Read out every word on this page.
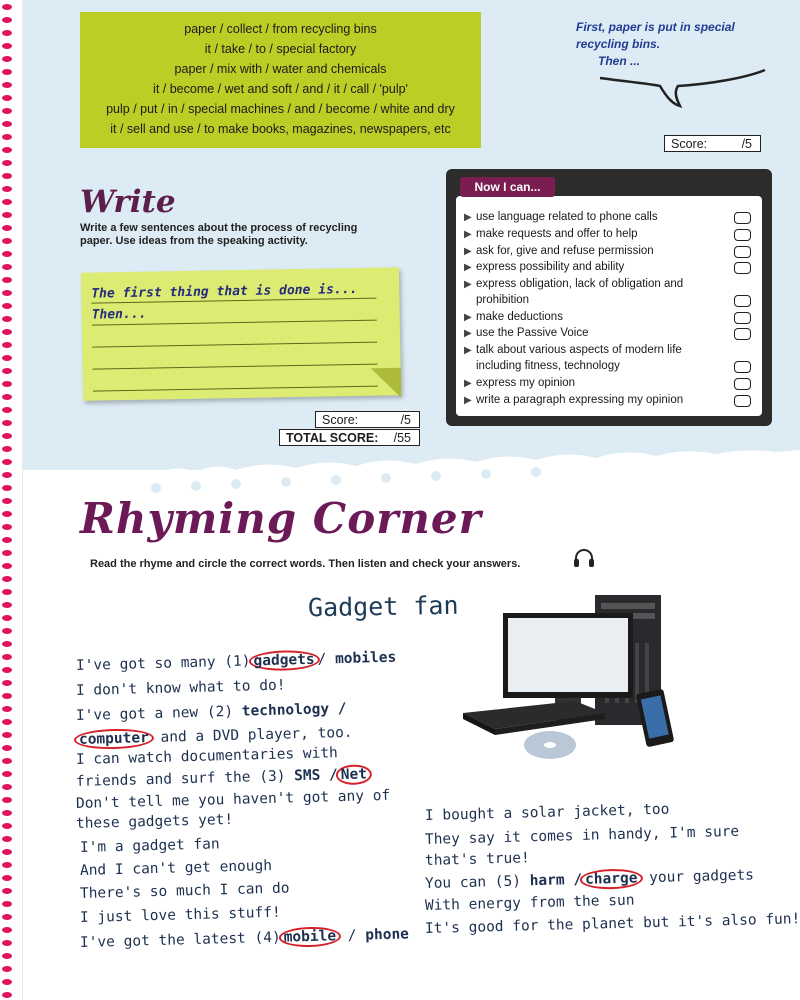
paper / collect / from recycling bins
it / take / to / special factory
paper / mix with / water and chemicals
it / become / wet and soft / and / it / call / 'pulp'
pulp / put / in / special machines / and / become / white and dry
it / sell and use / to make books, magazines, newspapers, etc
First, paper is put in special
recycling bins.
Then ...
Score:	/5
Write
Write a few sentences about the process of recycling paper. Use ideas from the speaking activity.
The first thing that is done is...
Then...
Score:	/5
TOTAL SCORE: /55
Now I can...
▶ use language related to phone calls
▶ make requests and offer to help
▶ ask for, give and refuse permission
▶ express possibility and ability
▶ express obligation, lack of obligation and
prohibition
▶ make deductions
▶ use the Passive Voice
▶ talk about various aspects of modern life
including fitness, technology
▶ express my opinion
▶ write a paragraph expressing my opinion
Rhyming Corner
Read the rhyme and circle the correct words. Then listen and check your answers.
Gadget fan
I've got so many (1) gadgets / mobiles
I don't know what to do!
I've got a new (2) technology /
computer and a DVD player, too.
I can watch documentaries with
friends and surf the (3) SMS / Net
Don't tell me you haven't got any of
these gadgets yet!
I'm a gadget fan
And I can't get enough
There's so much I can do
I just love this stuff!
I've got the latest (4) mobile / phone
I bought a solar jacket, too
They say it comes in handy, I'm sure
that's true!
You can (5) harm / charge your gadgets
With energy from the sun
It's good for the planet but it's also fun!
